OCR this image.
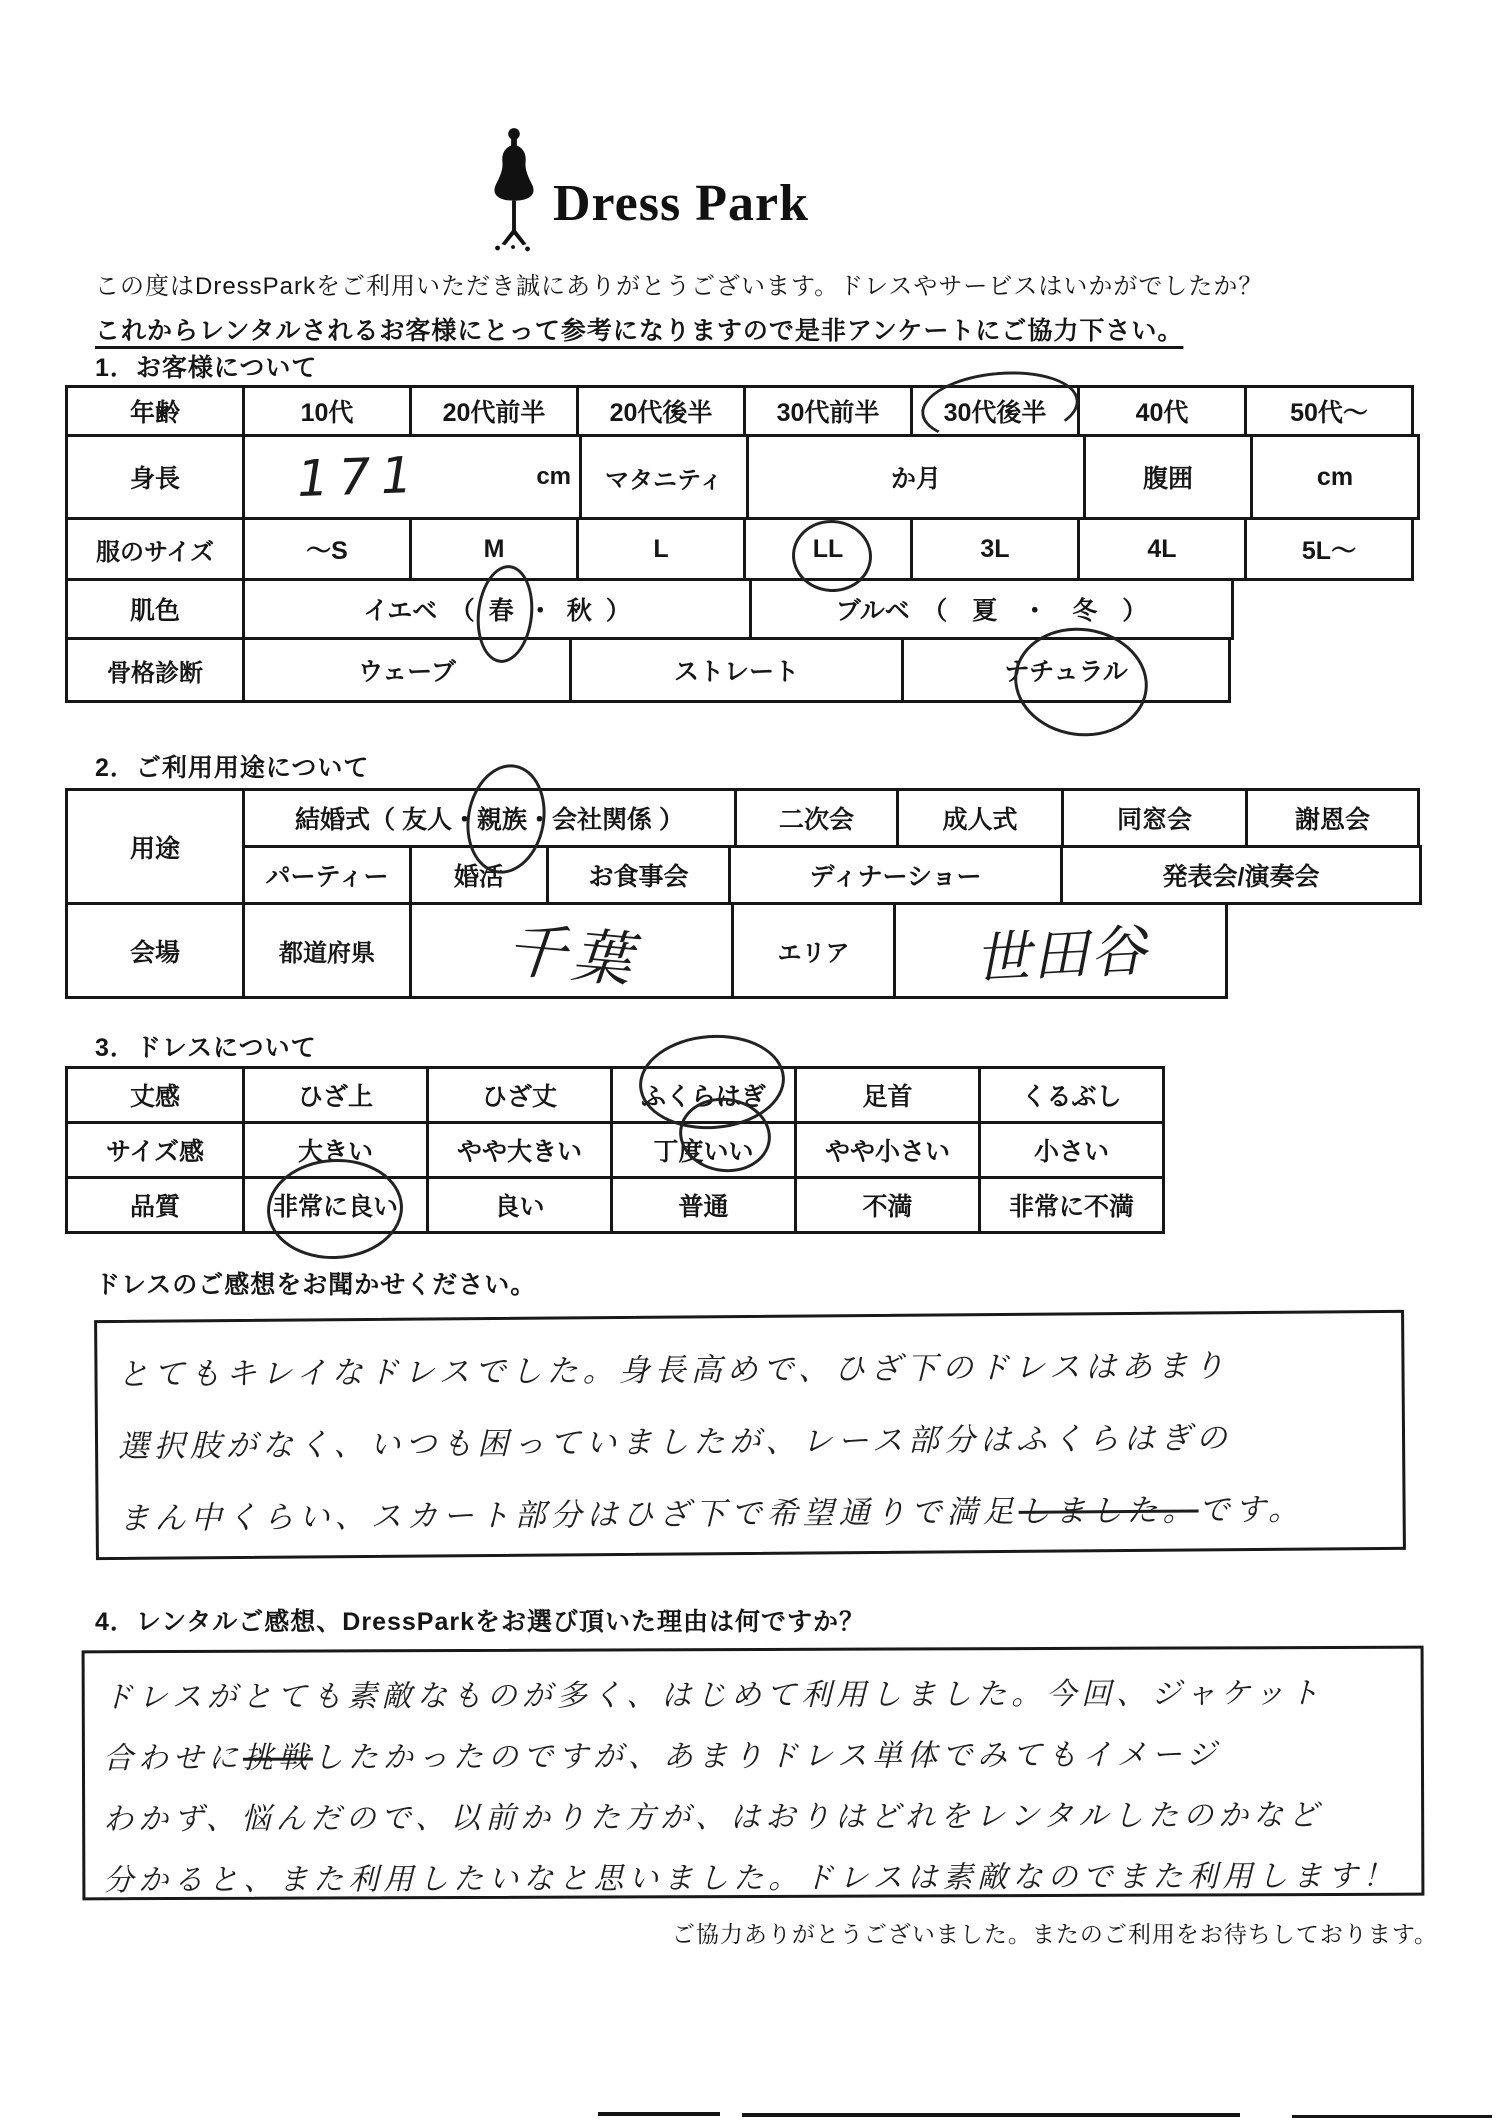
Dress Park
この度はDressParkをご利用いただき誠にありがとうございます。ドレスやサービスはいかがでしたか？
これからレンタルされるお客様にとって参考になりますので是非アンケートにご協力下さい。
1．お客様について
年齢	10代	20代前半	20代後半	30代前半	30代後半	40代	50代～
身長	171	cm	マタニティ	か月	腹囲	cm
服のサイズ	～S	M	L	LL	3L	4L	5L～
肌色	イエベ　（ 春 ・ 秋 ）	ブルベ　（　夏　・　冬　）
骨格診断	ウェーブ	ストレート	ナチュラル
2．ご利用用途について
用途
結婚式（ 友人・ 親族 ・会社関係 ）	二次会	成人式	同窓会	謝恩会
パーティー	婚活	お食事会	ディナーショー	発表会/演奏会
会場	都道府県	千葉	エリア	世田谷
3．ドレスについて
丈感	ひざ上	ひざ丈	ふくらはぎ	足首	くるぶし
サイズ感	大きい	やや大きい	丁度いい	やや小さい	小さい
品質	非常に良い	良い	普通	不満	非常に不満
ドレスのご感想をお聞かせください。
とてもキレイなドレスでした。身長高めで、ひざ下のドレスはあまり
選択肢がなく、いつも困っていましたが、レース部分はふくらはぎの
まん中くらい、スカート部分はひざ下で希望通りで満足しました。です。
4．レンタルご感想、DressParkをお選び頂いた理由は何ですか？
ドレスがとても素敵なものが多く、はじめて利用しました。今回、ジャケット
合わせに挑戦したかったのですが、あまりドレス単体でみてもイメージ
わかず、悩んだので、以前かりた方が、はおりはどれをレンタルしたのかなど
分かると、また利用したいなと思いました。ドレスは素敵なのでまた利用します！
ご協力ありがとうございました。またのご利用をお待ちしております。
